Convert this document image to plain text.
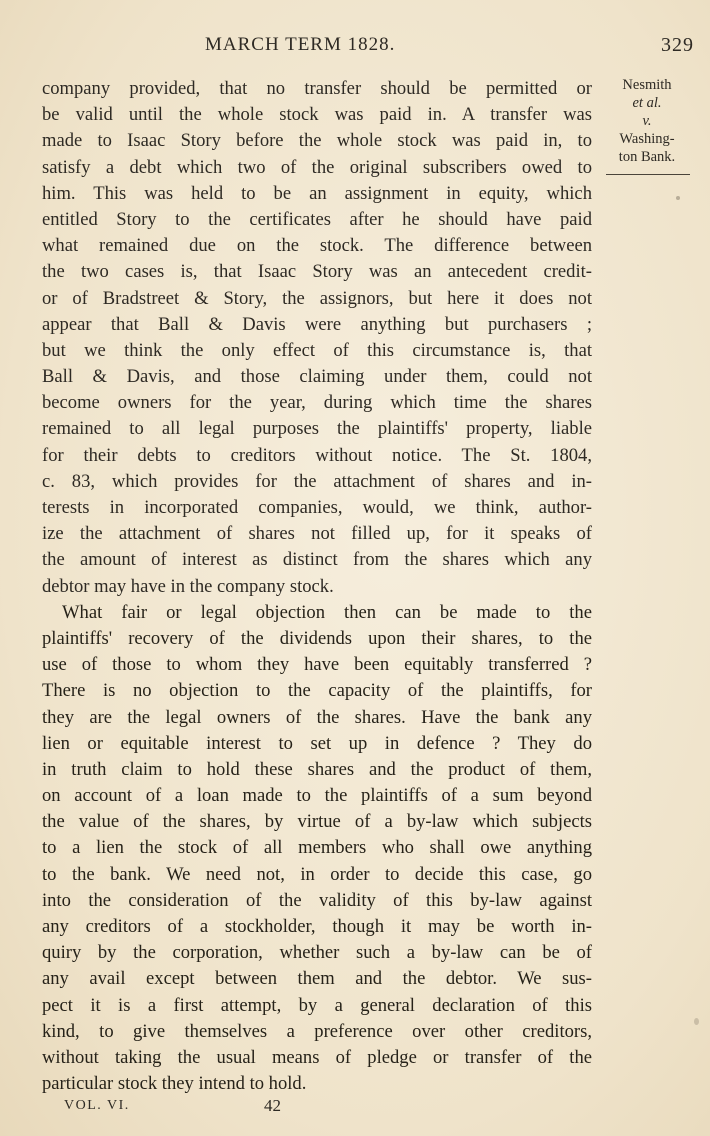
MARCH TERM 1828.	329
company provided, that no transfer should be permitted or
be valid until the whole stock was paid in. A transfer was
made to Isaac Story before the whole stock was paid in, to
satisfy a debt which two of the original subscribers owed to
him. This was held to be an assignment in equity, which
entitled Story to the certificates after he should have paid
what remained due on the stock. The difference between
the two cases is, that Isaac Story was an antecedent credit-
or of Bradstreet & Story, the assignors, but here it does not
appear that Ball & Davis were anything but purchasers ;
but we think the only effect of this circumstance is, that
Ball & Davis, and those claiming under them, could not
become owners for the year, during which time the shares
remained to all legal purposes the plaintiffs' property, liable
for their debts to creditors without notice. The St. 1804,
c. 83, which provides for the attachment of shares and in-
terests in incorporated companies, would, we think, author-
ize the attachment of shares not filled up, for it speaks of
the amount of interest as distinct from the shares which any
debtor may have in the company stock.
What fair or legal objection then can be made to the
plaintiffs' recovery of the dividends upon their shares, to the
use of those to whom they have been equitably transferred ?
There is no objection to the capacity of the plaintiffs, for
they are the legal owners of the shares. Have the bank any
lien or equitable interest to set up in defence ? They do
in truth claim to hold these shares and the product of them,
on account of a loan made to the plaintiffs of a sum beyond
the value of the shares, by virtue of a by-law which subjects
to a lien the stock of all members who shall owe anything
to the bank. We need not, in order to decide this case, go
into the consideration of the validity of this by-law against
any creditors of a stockholder, though it may be worth in-
quiry by the corporation, whether such a by-law can be of
any avail except between them and the debtor. We sus-
pect it is a first attempt, by a general declaration of this
kind, to give themselves a preference over other creditors,
without taking the usual means of pledge or transfer of the
particular stock they intend to hold.
Nesmith
et al.
v.
Washing-
ton Bank.
VOL. VI.	42
